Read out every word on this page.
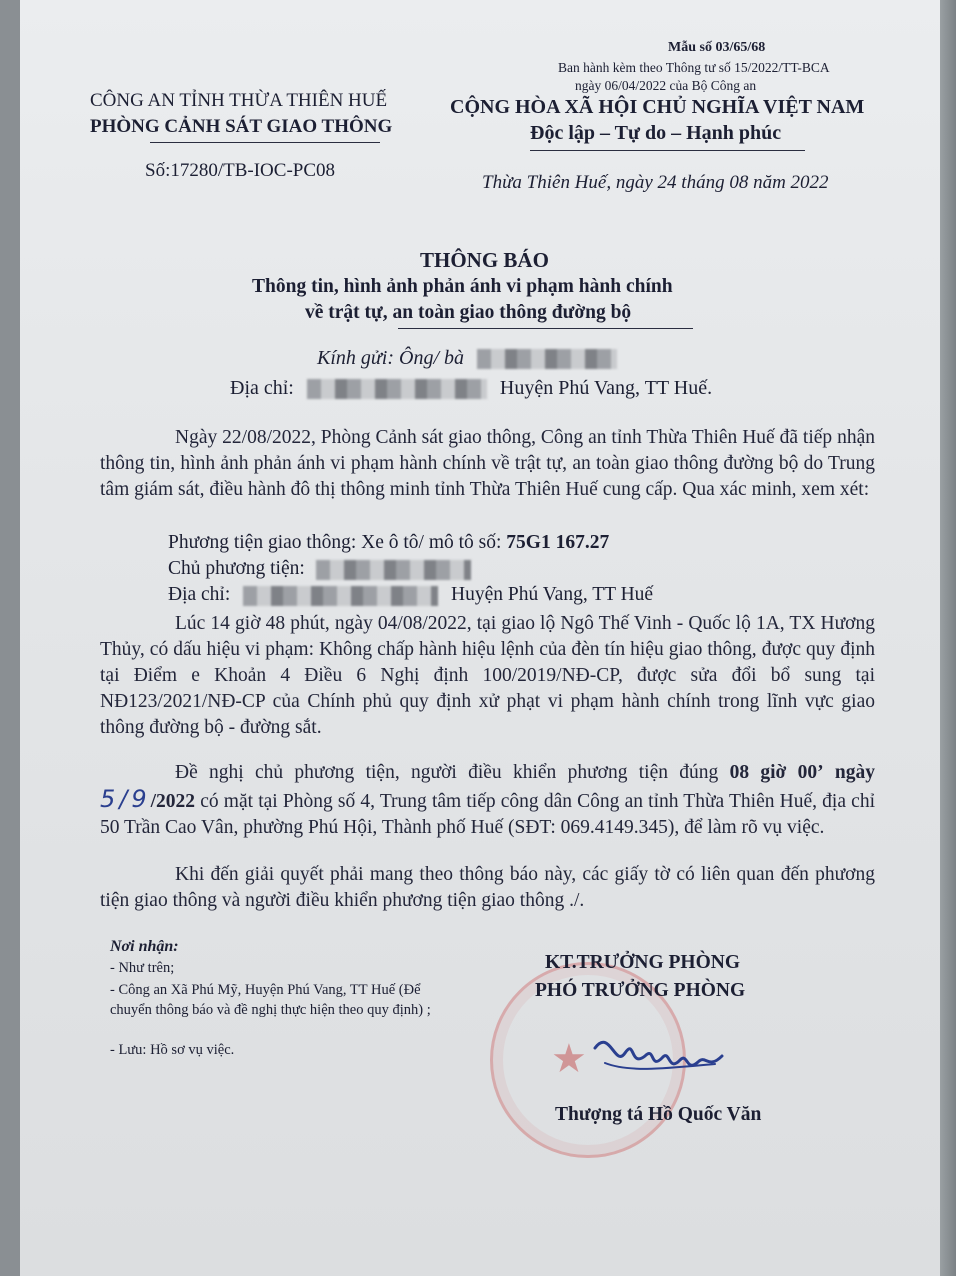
Mẫu số 03/65/68
Ban hành kèm theo Thông tư số 15/2022/TT-BCA
ngày 06/04/2022 của Bộ Công an
CÔNG AN TỈNH THỪA THIÊN HUẾ
PHÒNG CẢNH SÁT GIAO THÔNG
Số:17280/TB-IOC-PC08
CỘNG HÒA XÃ HỘI CHỦ NGHĨA VIỆT NAM
Độc lập – Tự do – Hạnh phúc
Thừa Thiên Huế, ngày 24 tháng 08 năm 2022
THÔNG BÁO
Thông tin, hình ảnh phản ánh vi phạm hành chính
về trật tự, an toàn giao thông đường bộ
Kính gửi: Ông/ bà
Địa chỉ:	Huyện Phú Vang, TT Huế.

Ngày 22/08/2022, Phòng Cảnh sát giao thông, Công an tỉnh Thừa Thiên Huế đã tiếp nhận thông tin, hình ảnh phản ánh vi phạm hành chính về trật tự, an toàn giao thông đường bộ do Trung tâm giám sát, điều hành đô thị thông minh tỉnh Thừa Thiên Huế cung cấp. Qua xác minh, xem xét:

Phương tiện giao thông: Xe ô tô/ mô tô số: 75G1 167.27
Chủ phương tiện:
Địa chỉ:	Huyện Phú Vang, TT Huế

Lúc 14 giờ 48 phút, ngày 04/08/2022, tại giao lộ Ngô Thế Vinh - Quốc lộ 1A, TX Hương Thủy, có dấu hiệu vi phạm: Không chấp hành hiệu lệnh của đèn tín hiệu giao thông, được quy định tại Điểm e Khoản 4 Điều 6 Nghị định 100/2019/NĐ-CP, được sửa đổi bổ sung tại NĐ123/2021/NĐ-CP của Chính phủ quy định xử phạt vi phạm hành chính trong lĩnh vực giao thông đường bộ - đường sắt.

Đề nghị chủ phương tiện, người điều khiển phương tiện đúng 08 giờ 00’ ngày 5/9/2022 có mặt tại Phòng số 4, Trung tâm tiếp công dân Công an tỉnh Thừa Thiên Huế, địa chỉ 50 Trần Cao Vân, phường Phú Hội, Thành phố Huế (SĐT: 069.4149.345), để làm rõ vụ việc.

Khi đến giải quyết phải mang theo thông báo này, các giấy tờ có liên quan đến phương tiện giao thông và người điều khiển phương tiện giao thông ./.

Nơi nhận:
- Như trên;
- Công an Xã Phú Mỹ, Huyện Phú Vang, TT Huế (Để chuyển thông báo và đề nghị thực hiện theo quy định) ;
- Lưu: Hồ sơ vụ việc.	★
KT.TRƯỞNG PHÒNG
PHÓ TRƯỞNG PHÒNG
Thượng tá Hồ Quốc Văn
